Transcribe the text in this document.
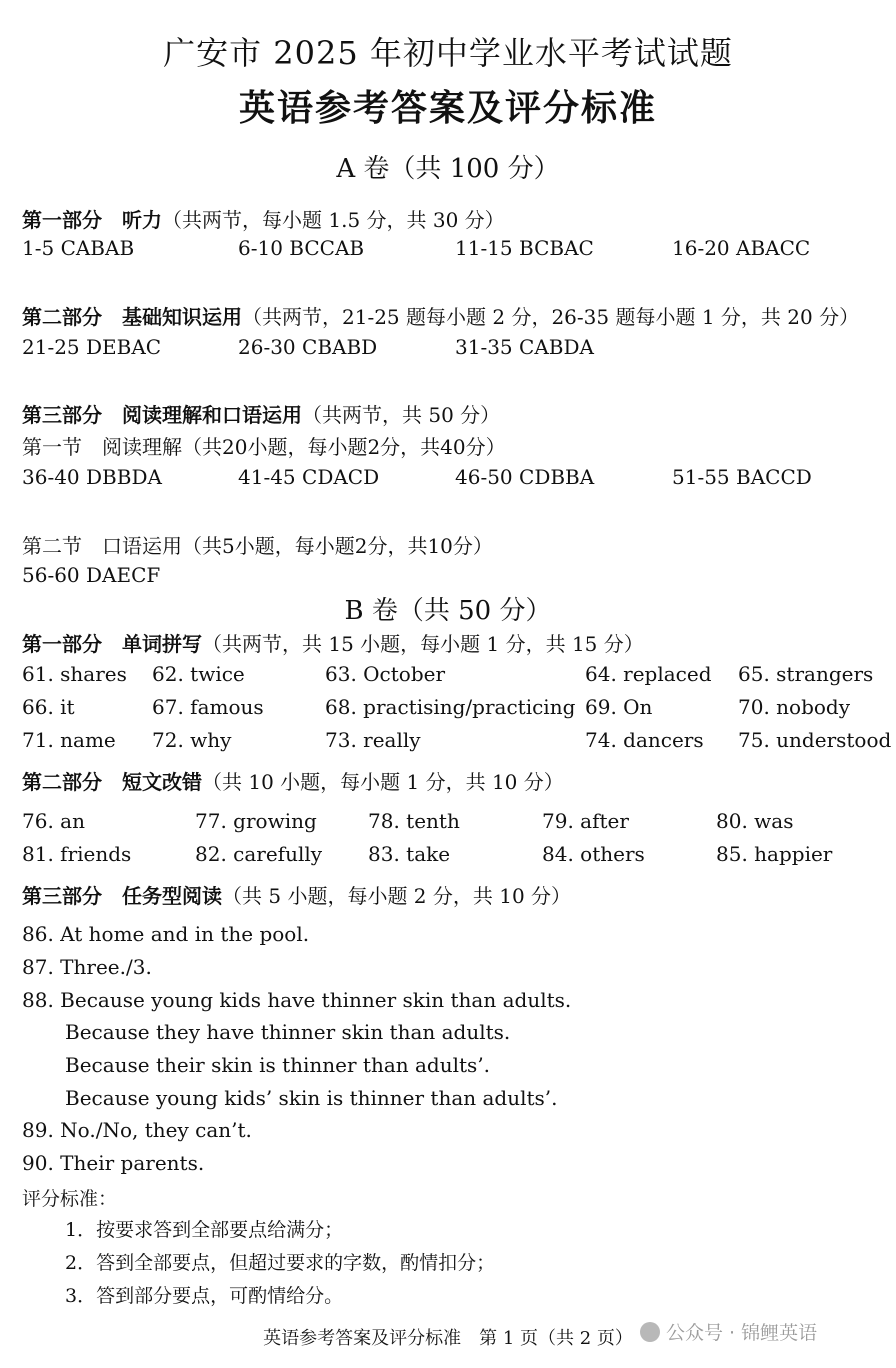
广安市 2025 年初中学业水平考试试题
英语参考答案及评分标准
A 卷（共 100 分）
第一部分　听力（共两节，每小题 1.5 分，共 30 分）
1-5 CABAB	6-10 BCCAB	11-15 BCBAC	16-20 ABACC
第二部分　基础知识运用（共两节，21-25 题每小题 2 分，26-35 题每小题 1 分，共 20 分）
21-25 DEBAC	26-30 CBABD	31-35 CABDA
第三部分　阅读理解和口语运用（共两节，共 50 分）
第一节　阅读理解（共20小题，每小题2分，共40分）
36-40 DBBDA	41-45 CDACD	46-50 CDBBA	51-55 BACCD
第二节　口语运用（共5小题，每小题2分，共10分）
56-60 DAECF
B 卷（共 50 分）
第一部分　单词拼写（共两节，共 15 小题，每小题 1 分，共 15 分）
61. shares 62. twice	63. October	64. replaced 65. strangers
66. it	67. famous	68. practising/practicing 69. On	70. nobody
71. name 72. why	73. really	74. dancers 75. understood
第二部分　短文改错（共 10 小题，每小题 1 分，共 10 分）
76. an	77. growing	78. tenth	79. after	80. was
81. friends	82. carefully 83. take	84. others	85. happier
第三部分　任务型阅读（共 5 小题，每小题 2 分，共 10 分）
86. At home and in the pool.
87. Three./3.
88. Because young kids have thinner skin than adults.
Because they have thinner skin than adults.
Because their skin is thinner than adults’.
Because young kids’ skin is thinner than adults’.
89. No./No, they can’t.
90. Their parents.
评分标准：
1．按要求答到全部要点给满分；
2．答到全部要点，但超过要求的字数，酌情扣分；
3．答到部分要点，可酌情给分。
英语参考答案及评分标准　第 1 页（共 2 页）	公众号 · 锦鲤英语
